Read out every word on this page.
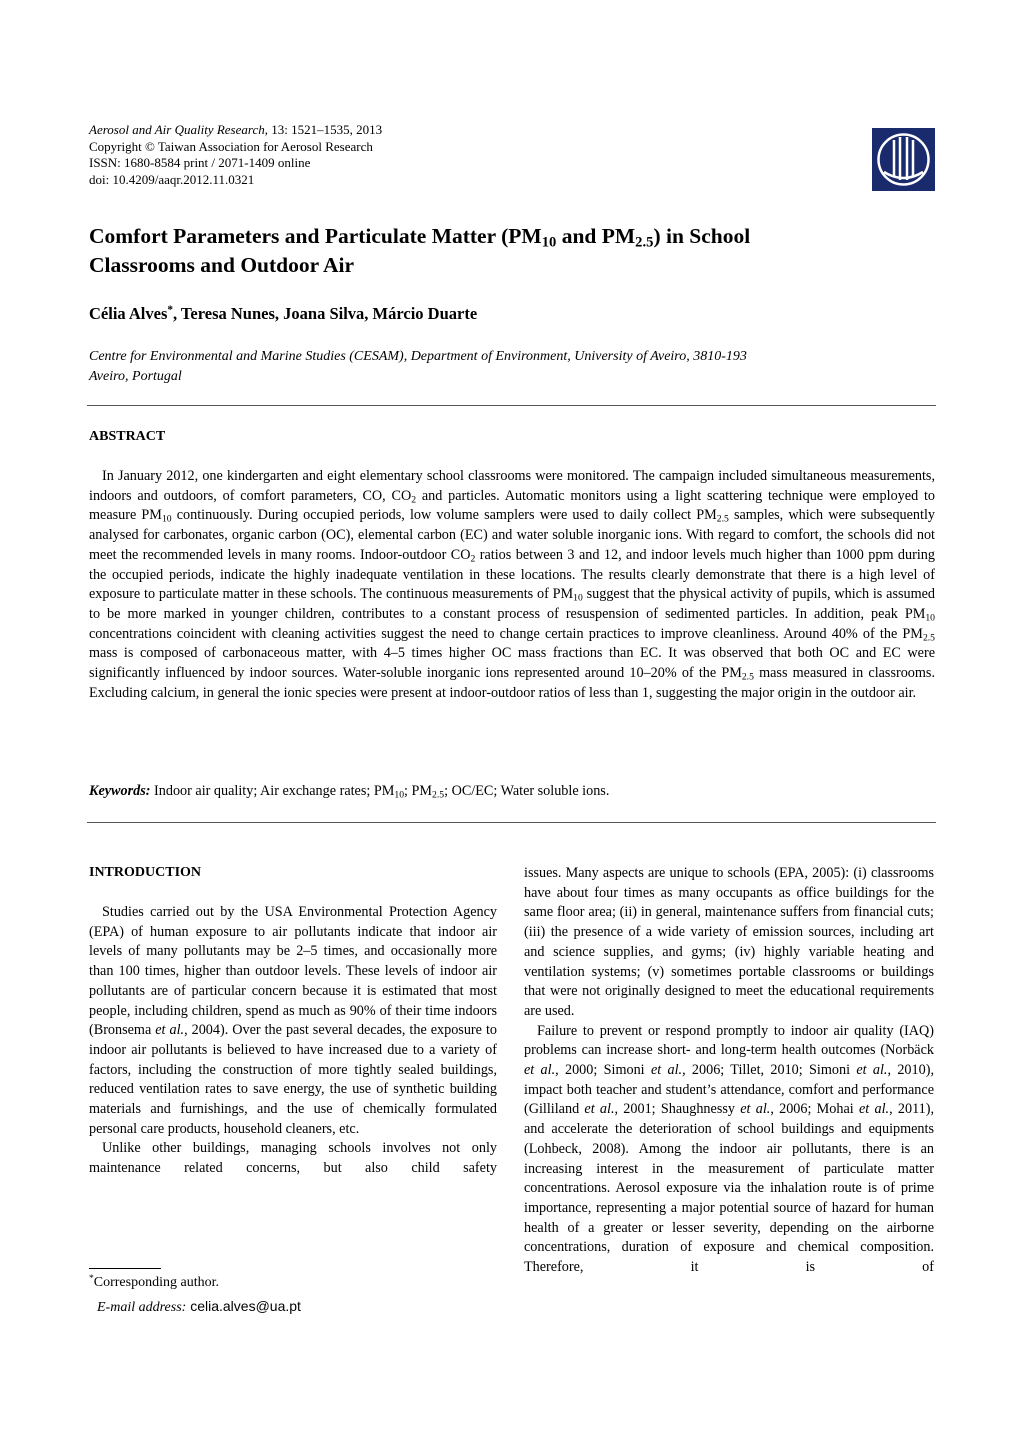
Aerosol and Air Quality Research, 13: 1521–1535, 2013
Copyright © Taiwan Association for Aerosol Research
ISSN: 1680-8584 print / 2071-1409 online
doi: 10.4209/aaqr.2012.11.0321
Comfort Parameters and Particulate Matter ($PM_{10}$ and $PM_{2.5}$) in School
Classrooms and Outdoor Air
Célia Alves*, Teresa Nunes, Joana Silva, Márcio Duarte
Centre for Environmental and Marine Studies (CESAM), Department of Environment, University of Aveiro, 3810-193
Aveiro, Portugal
ABSTRACT

In January 2012, one kindergarten and eight elementary school classrooms were monitored. The campaign included simultaneous measurements, indoors and outdoors, of comfort parameters, CO, $CO_2$ and particles. Automatic monitors using a light scattering technique were employed to measure $PM_{10}$ continuously. During occupied periods, low volume samplers were used to daily collect $PM_{2.5}$ samples, which were subsequently analysed for carbonates, organic carbon (OC), elemental carbon (EC) and water soluble inorganic ions. With regard to comfort, the schools did not meet the recommended levels in many rooms. Indoor-outdoor $CO_2$ ratios between 3 and 12, and indoor levels much higher than 1000 ppm during the occupied periods, indicate the highly inadequate ventilation in these locations. The results clearly demonstrate that there is a high level of exposure to particulate matter in these schools. The continuous measurements of $PM_{10}$ suggest that the physical activity of pupils, which is assumed to be more marked in younger children, contributes to a constant process of resuspension of sedimented particles. In addition, peak $PM_{10}$ concentrations coincident with cleaning activities suggest the need to change certain practices to improve cleanliness. Around 40% of the $PM_{2.5}$ mass is composed of carbonaceous matter, with 4–5 times higher OC mass fractions than EC. It was observed that both OC and EC were significantly influenced by indoor sources. Water-soluble inorganic ions represented around 10–20% of the $PM_{2.5}$ mass measured in classrooms. Excluding calcium, in general the ionic species were present at indoor-outdoor ratios of less than 1, suggesting the major origin in the outdoor air.

Keywords: Indoor air quality; Air exchange rates; $PM_{10}$; $PM_{2.5}$; OC/EC; Water soluble ions.
INTRODUCTION

Studies carried out by the USA Environmental Protection Agency (EPA) of human exposure to air pollutants indicate that indoor air levels of many pollutants may be 2–5 times, and occasionally more than 100 times, higher than outdoor levels. These levels of indoor air pollutants are of particular concern because it is estimated that most people, including children, spend as much as 90% of their time indoors (Bronsema et al., 2004). Over the past several decades, the exposure to indoor air pollutants is believed to have increased due to a variety of factors, including the construction of more tightly sealed buildings, reduced ventilation rates to save energy, the use of synthetic building materials and furnishings, and the use of chemically formulated personal care products, household cleaners, etc.

Unlike other buildings, managing schools involves not only maintenance related concerns, but also child safety

issues. Many aspects are unique to schools (EPA, 2005): (i) classrooms have about four times as many occupants as office buildings for the same floor area; (ii) in general, maintenance suffers from financial cuts; (iii) the presence of a wide variety of emission sources, including art and science supplies, and gyms; (iv) highly variable heating and ventilation systems; (v) sometimes portable classrooms or buildings that were not originally designed to meet the educational requirements are used.

Failure to prevent or respond promptly to indoor air quality (IAQ) problems can increase short- and long-term health outcomes (Norbäck et al., 2000; Simoni et al., 2006; Tillet, 2010; Simoni et al., 2010), impact both teacher and student’s attendance, comfort and performance (Gilliland et al., 2001; Shaughnessy et al., 2006; Mohai et al., 2011), and accelerate the deterioration of school buildings and equipments (Lohbeck, 2008). Among the indoor air pollutants, there is an increasing interest in the measurement of particulate matter concentrations. Aerosol exposure via the inhalation route is of prime importance, representing a major potential source of hazard for human health of a greater or lesser severity, depending on the airborne concentrations, duration of exposure and chemical composition. Therefore, it is of

*Corresponding author.
E-mail address: celia.alves@ua.pt
